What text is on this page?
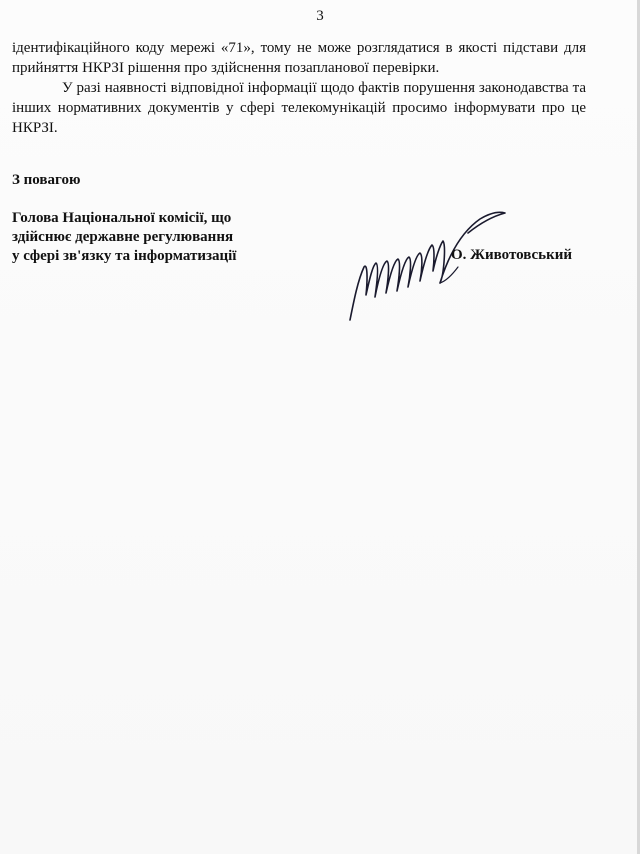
3

ідентифікаційного коду мережі «71», тому не може розглядатися в якості підстави для прийняття НКРЗІ рішення про здійснення позапланової перевірки.

У разі наявності відповідної інформації щодо фактів порушення законодавства та інших нормативних документів у сфері телекомунікацій просимо інформувати про це НКРЗІ.

З повагою

Голова Національної комісії, що
здійснює державне регулювання
у сфері зв'язку та інформатизації	О. Животовський
